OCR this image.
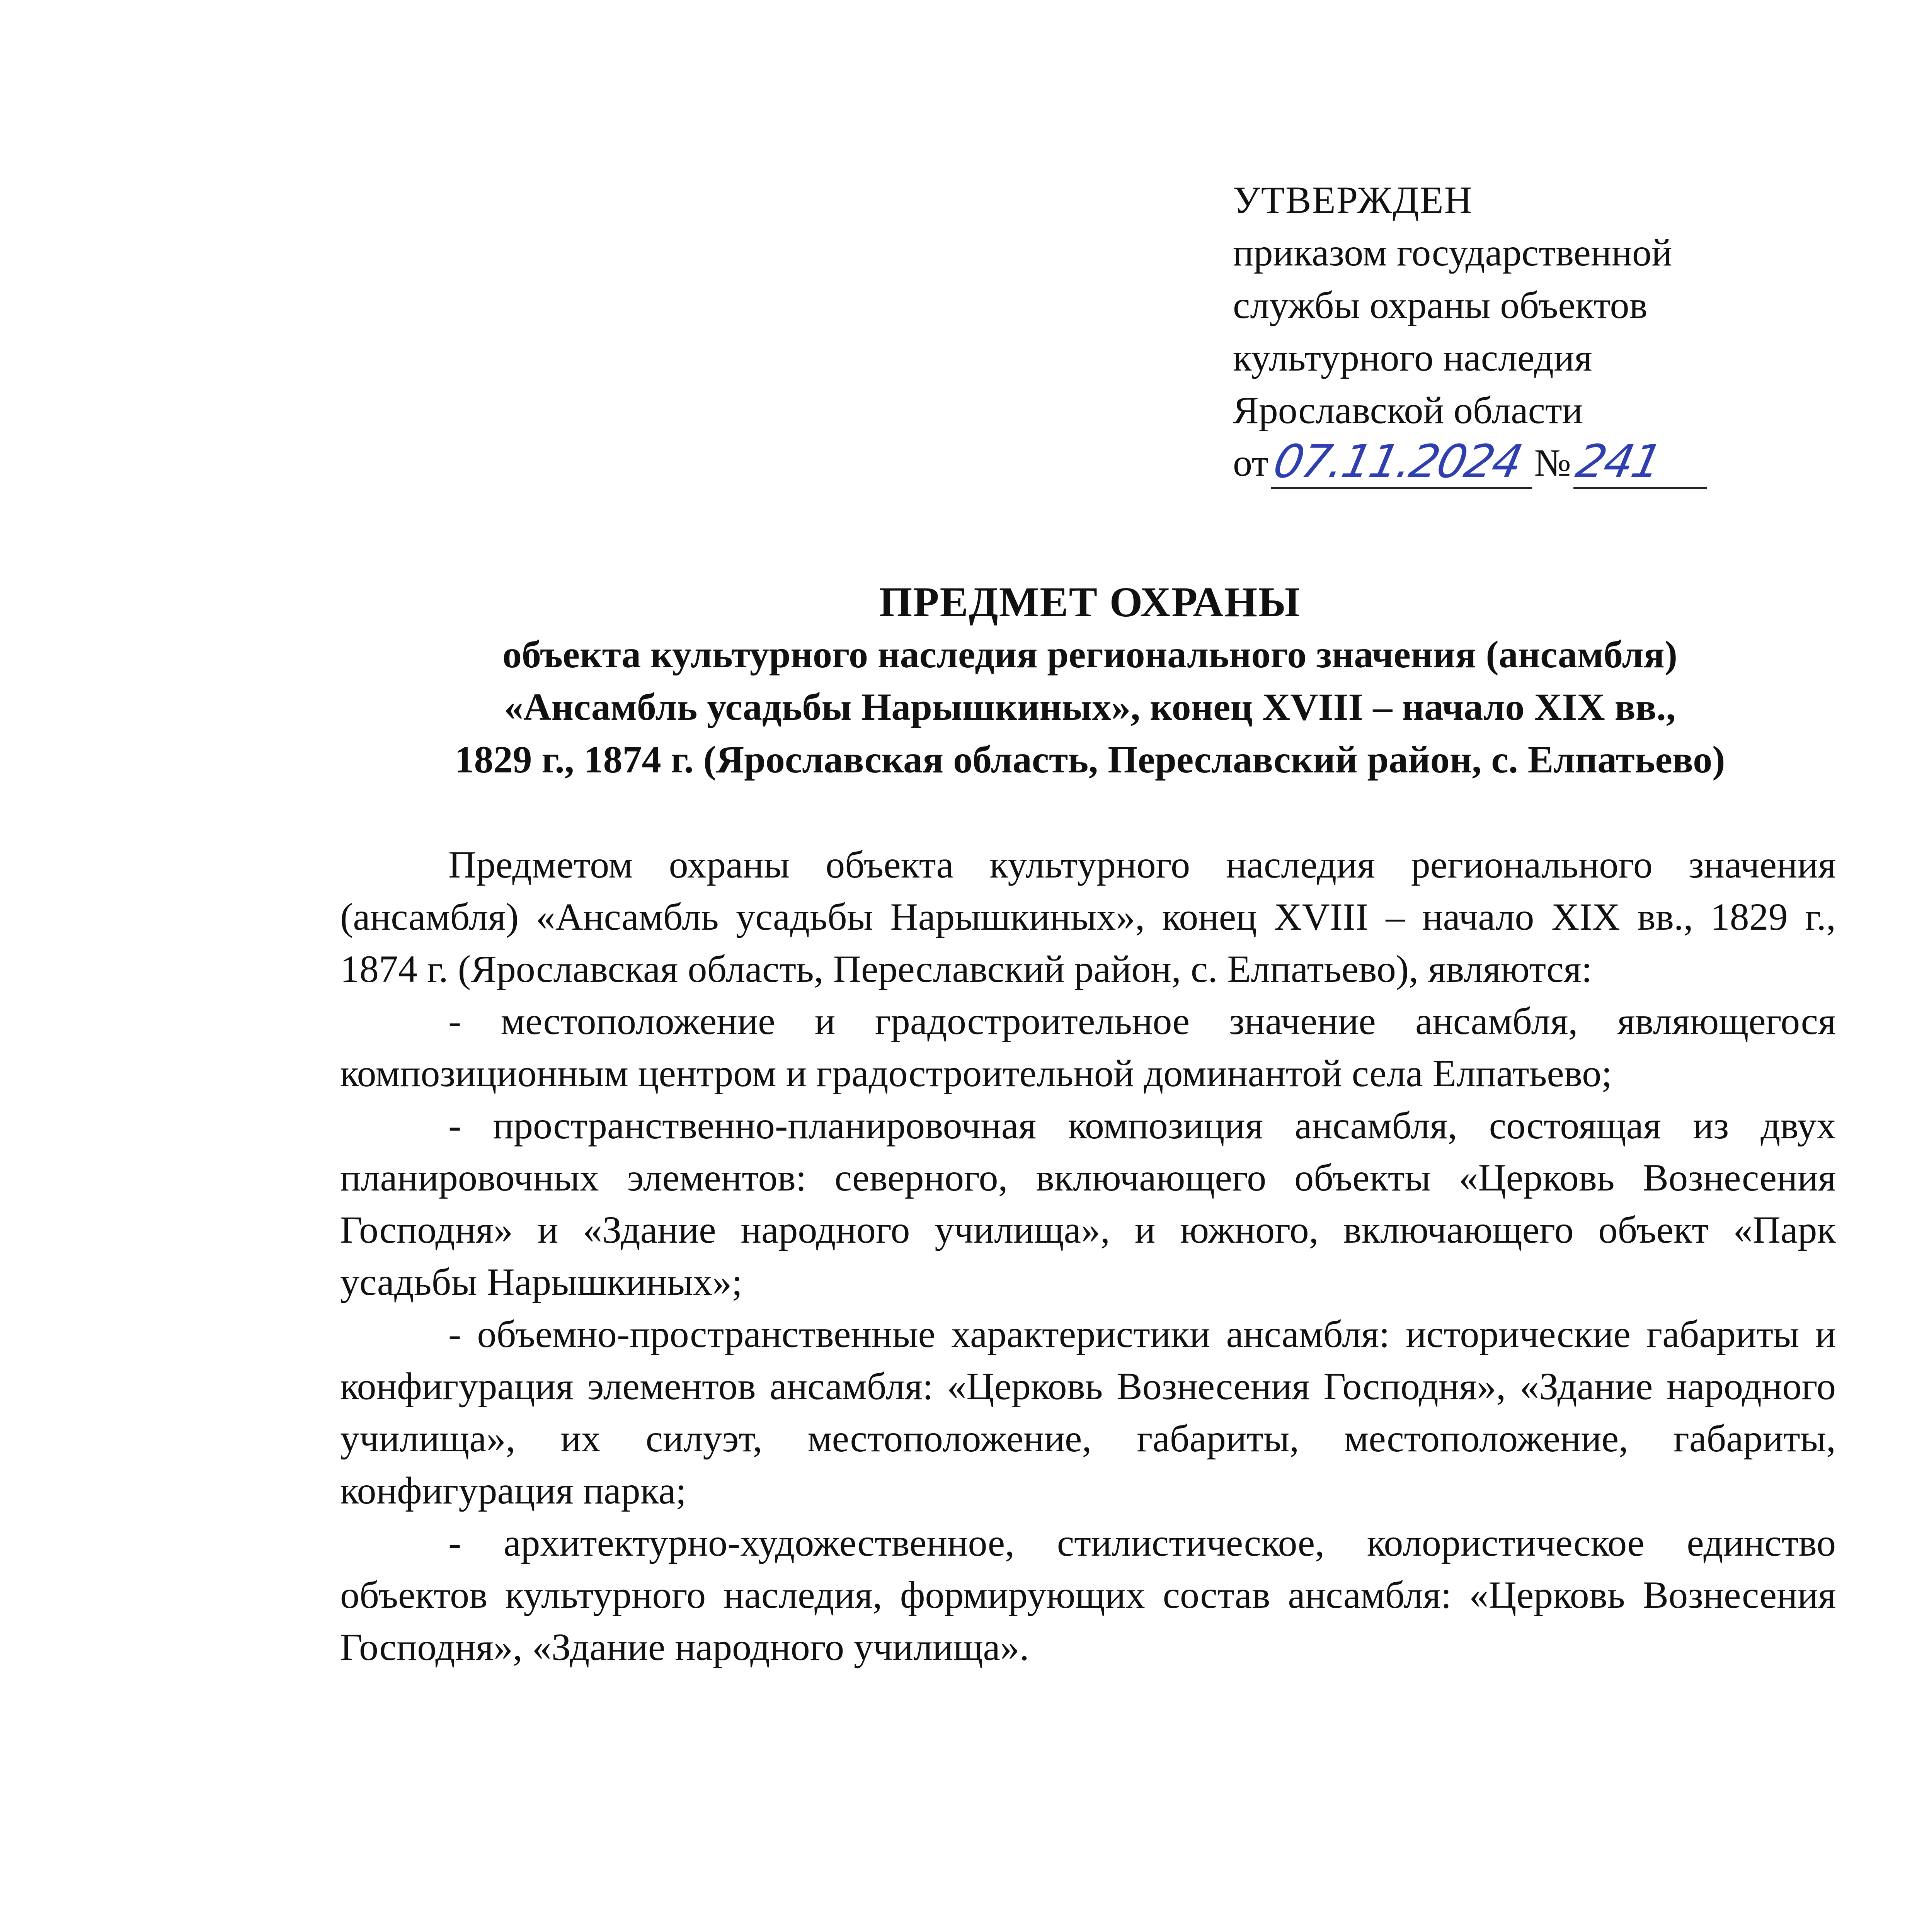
УТВЕРЖДЕН
приказом государственной
службы охраны объектов
культурного наследия
Ярославской области
от 07.11.2024 № 241
ПРЕДМЕТ ОХРАНЫ
объекта культурного наследия регионального значения (ансамбля)
«Ансамбль усадьбы Нарышкиных», конец XVIII – начало XIX вв.,
1829 г., 1874 г. (Ярославская область, Переславский район, с. Елпатьево)

Предметом охраны объекта культурного наследия регионального значения (ансамбля) «Ансамбль усадьбы Нарышкиных», конец XVIII – начало XIX вв., 1829 г., 1874 г. (Ярославская область, Переславский район, с. Елпатьево), являются:

- местоположение и градостроительное значение ансамбля, являющегося композиционным центром и градостроительной доминантой села Елпатьево;

- пространственно-планировочная композиция ансамбля, состоящая из двух планировочных элементов: северного, включающего объекты «Церковь Вознесения Господня» и «Здание народного училища», и южного, включающего объект «Парк усадьбы Нарышкиных»;

- объемно-пространственные характеристики ансамбля: исторические габариты и конфигурация элементов ансамбля: «Церковь Вознесения Господня», «Здание народного училища», их силуэт, местоположение, габариты, местоположение, габариты, конфигурация парка;

- архитектурно-художественное, стилистическое, колористическое единство объектов культурного наследия, формирующих состав ансамбля: «Церковь Вознесения Господня», «Здание народного училища».
